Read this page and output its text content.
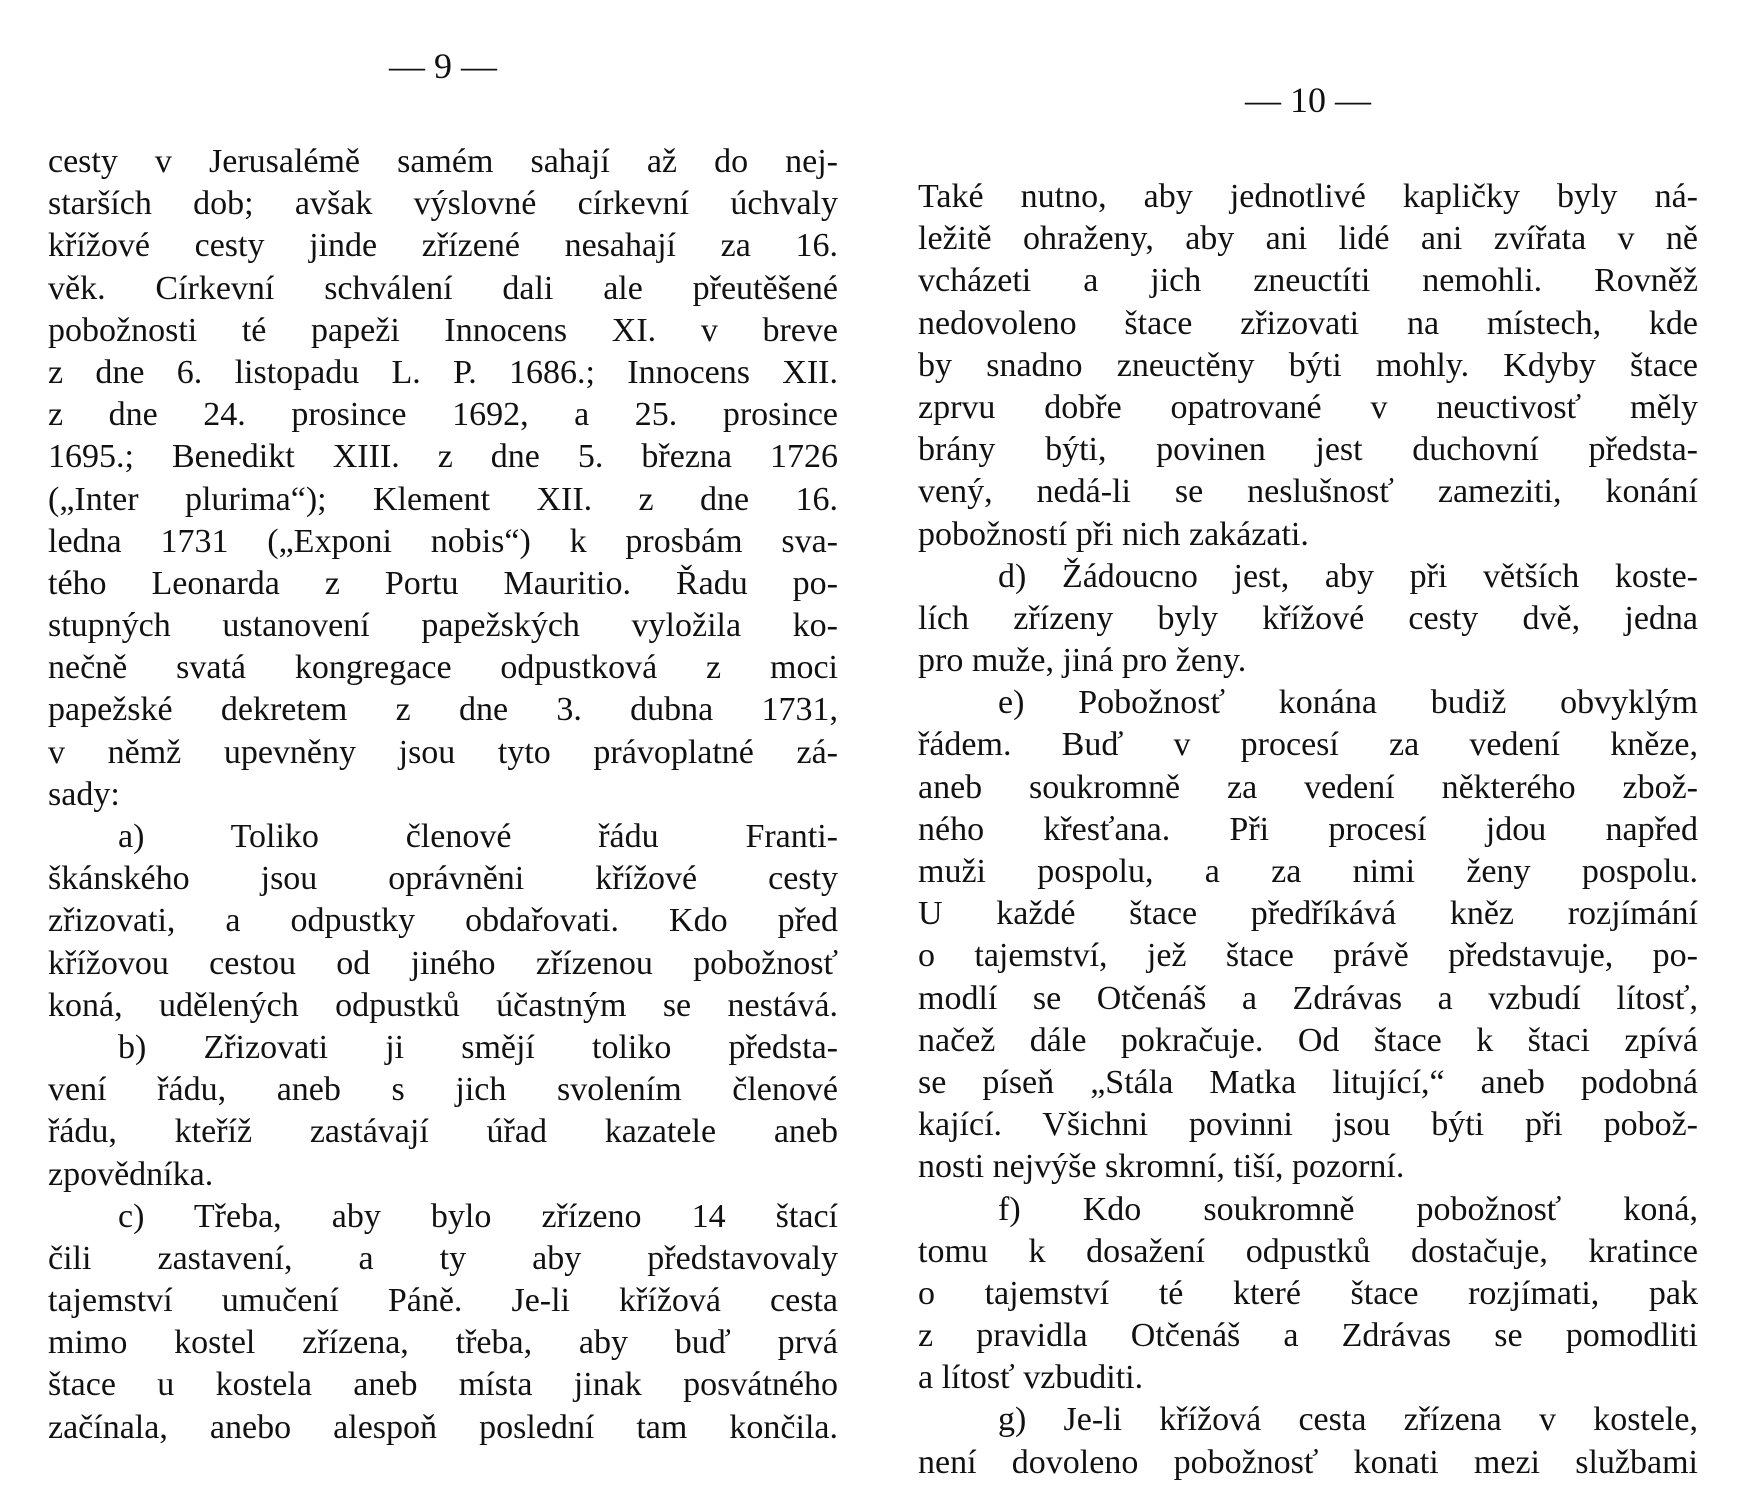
— 9 —

cesty v Jerusalémě samém sahají až do nej-

starších dob; avšak výslovné církevní úchvaly

křížové cesty jinde zřízené nesahají za 16.

věk. Církevní schválení dali ale přeutěšené

pobožnosti té papeži Innocens XI. v breve

z dne 6. listopadu L. P. 1686.; Innocens XII.

z dne 24. prosince 1692, a 25. prosince

1695.; Benedikt XIII. z dne 5. března 1726

(„Inter plurima“); Klement XII. z dne 16.

ledna 1731 („Exponi nobis“) k prosbám sva-

tého Leonarda z Portu Mauritio. Řadu po-

stupných ustanovení papežských vyložila ko-

nečně svatá kongregace odpustková z moci

papežské dekretem z dne 3. dubna 1731,

v němž upevněny jsou tyto právoplatné zá-

sady:

a) Toliko členové řádu Franti-

škánského jsou oprávněni křížové cesty

zřizovati, a odpustky obdařovati. Kdo před

křížovou cestou od jiného zřízenou pobožnosť

koná, udělených odpustků účastným se nestává.

b) Zřizovati ji smějí toliko předsta-

vení řádu, aneb s jich svolením členové

řádu, kteříž zastávají úřad kazatele aneb

zpovědníka.

c) Třeba, aby bylo zřízeno 14 štací

čili zastavení, a ty aby představovaly

tajemství umučení Páně. Je-li křížová cesta

mimo kostel zřízena, třeba, aby buď prvá

štace u kostela aneb místa jinak posvátného

začínala, anebo alespoň poslední tam končila.

— 10 —

Také nutno, aby jednotlivé kapličky byly ná-

ležitě ohraženy, aby ani lidé ani zvířata v ně

vcházeti a jich zneuctíti nemohli. Rovněž

nedovoleno štace zřizovati na místech, kde

by snadno zneuctěny býti mohly. Kdyby štace

zprvu dobře opatrované v neuctivosť měly

brány býti, povinen jest duchovní předsta-

vený, nedá-li se neslušnosť zameziti, konání

pobožností při nich zakázati.

d) Žádoucno jest, aby při větších koste-

lích zřízeny byly křížové cesty dvě, jedna

pro muže, jiná pro ženy.

e) Pobožnosť konána budiž obvyklým

řádem. Buď v procesí za vedení kněze,

aneb soukromně za vedení některého zbož-

ného křesťana. Při procesí jdou napřed

muži pospolu, a za nimi ženy pospolu.

U každé štace předříkává kněz rozjímání

o tajemství, jež štace právě představuje, po-

modlí se Otčenáš a Zdrávas a vzbudí lítosť,

načež dále pokračuje. Od štace k štaci zpívá

se píseň „Stála Matka litující,“ aneb podobná

kající. Všichni povinni jsou býti při pobož-

nosti nejvýše skromní, tiší, pozorní.

f) Kdo soukromně pobožnosť koná,

tomu k dosažení odpustků dostačuje, kratince

o tajemství té které štace rozjímati, pak

z pravidla Otčenáš a Zdrávas se pomodliti

a lítosť vzbuditi.

g) Je-li křížová cesta zřízena v kostele,

není dovoleno pobožnosť konati mezi službami
